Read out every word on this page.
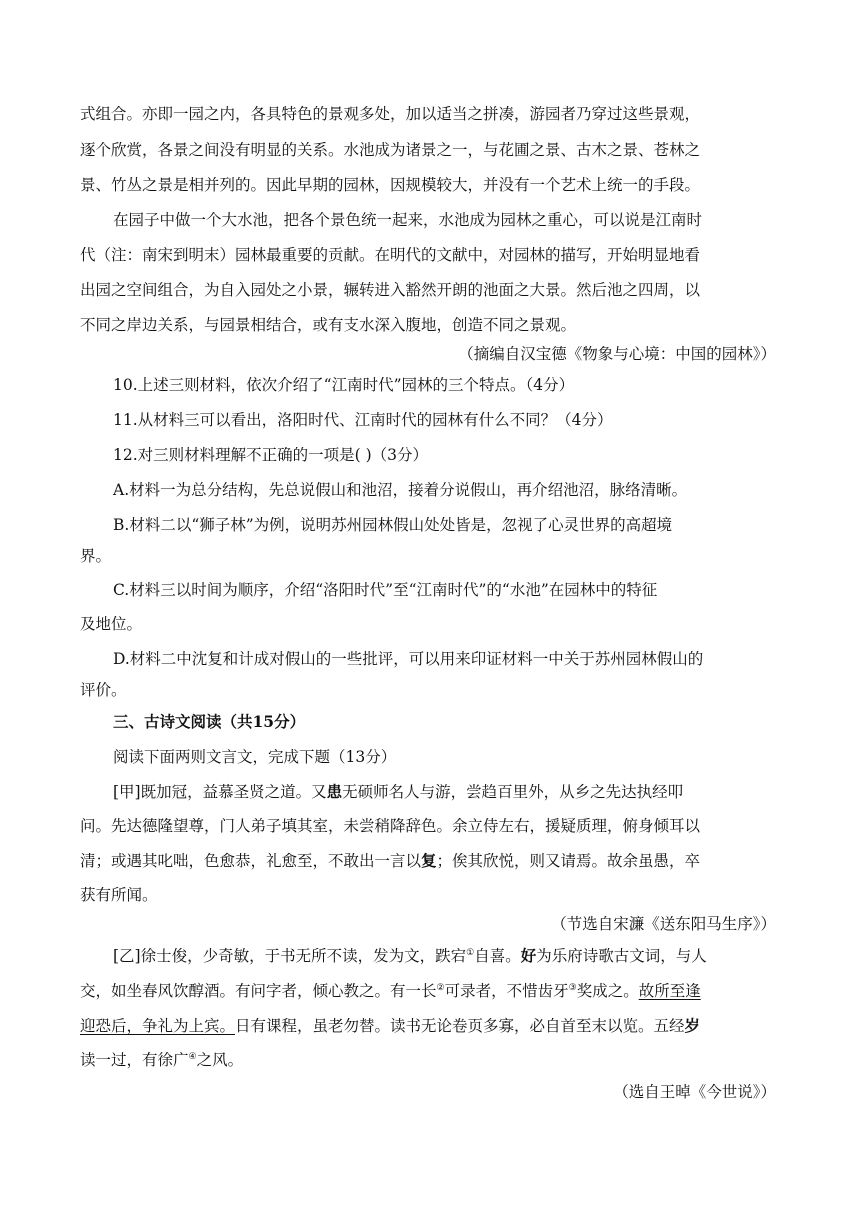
式组合。亦即一园之内，各具特色的景观多处，加以适当之拼凑，游园者乃穿过这些景观，
逐个欣赏，各景之间没有明显的关系。水池成为诸景之一，与花圃之景、古木之景、苍林之
景、竹丛之景是相并列的。因此早期的园林，因规模较大，并没有一个艺术上统一的手段。
在园子中做一个大水池，把各个景色统一起来，水池成为园林之重心，可以说是江南时
代（注：南宋到明末）园林最重要的贡献。在明代的文献中，对园林的描写，开始明显地看
出园之空间组合，为自入园处之小景，辗转进入豁然开朗的池面之大景。然后池之四周，以
不同之岸边关系，与园景相结合，或有支水深入腹地，创造不同之景观。
（摘编自汉宝德《物象与心境：中国的园林》）
10.上述三则材料，依次介绍了“江南时代”园林的三个特点。（4分）
11.从材料三可以看出，洛阳时代、江南时代的园林有什么不同？（4分）
12.对三则材料理解不正确的一项是( )（3分）
A.材料一为总分结构，先总说假山和池沼，接着分说假山，再介绍池沼，脉络清晰。
B.材料二以“狮子林”为例，说明苏州园林假山处处皆是，忽视了心灵世界的高超境
界。
C.材料三以时间为顺序，介绍“洛阳时代”至“江南时代”的“水池”在园林中的特征
及地位。
D.材料二中沈复和计成对假山的一些批评，可以用来印证材料一中关于苏州园林假山的
评价。
三、古诗文阅读（共15分）
阅读下面两则文言文，完成下题（13分）
[甲]既加冠，益慕圣贤之道。又患无硕师名人与游，尝趋百里外，从乡之先达执经叩
问。先达德隆望尊，门人弟子填其室，未尝稍降辞色。余立侍左右，援疑质理，俯身倾耳以
清；或遇其叱咄，色愈恭，礼愈至，不敢出一言以复；俟其欣悦，则又请焉。故余虽愚，卒
获有所闻。
（节选自宋濂《送东阳马生序》）
[乙]徐士俊，少奇敏，于书无所不读，发为文，跌宕①自喜。好为乐府诗歌古文词，与人
交，如坐春风饮醇酒。有问字者，倾心教之。有一长②可录者，不惜齿牙③奖成之。故所至逢
迎恐后，争礼为上宾。日有课程，虽老勿替。读书无论卷页多寡，必自首至末以览。五经岁
读一过，有徐广④之风。
（选自王晫《今世说》）
